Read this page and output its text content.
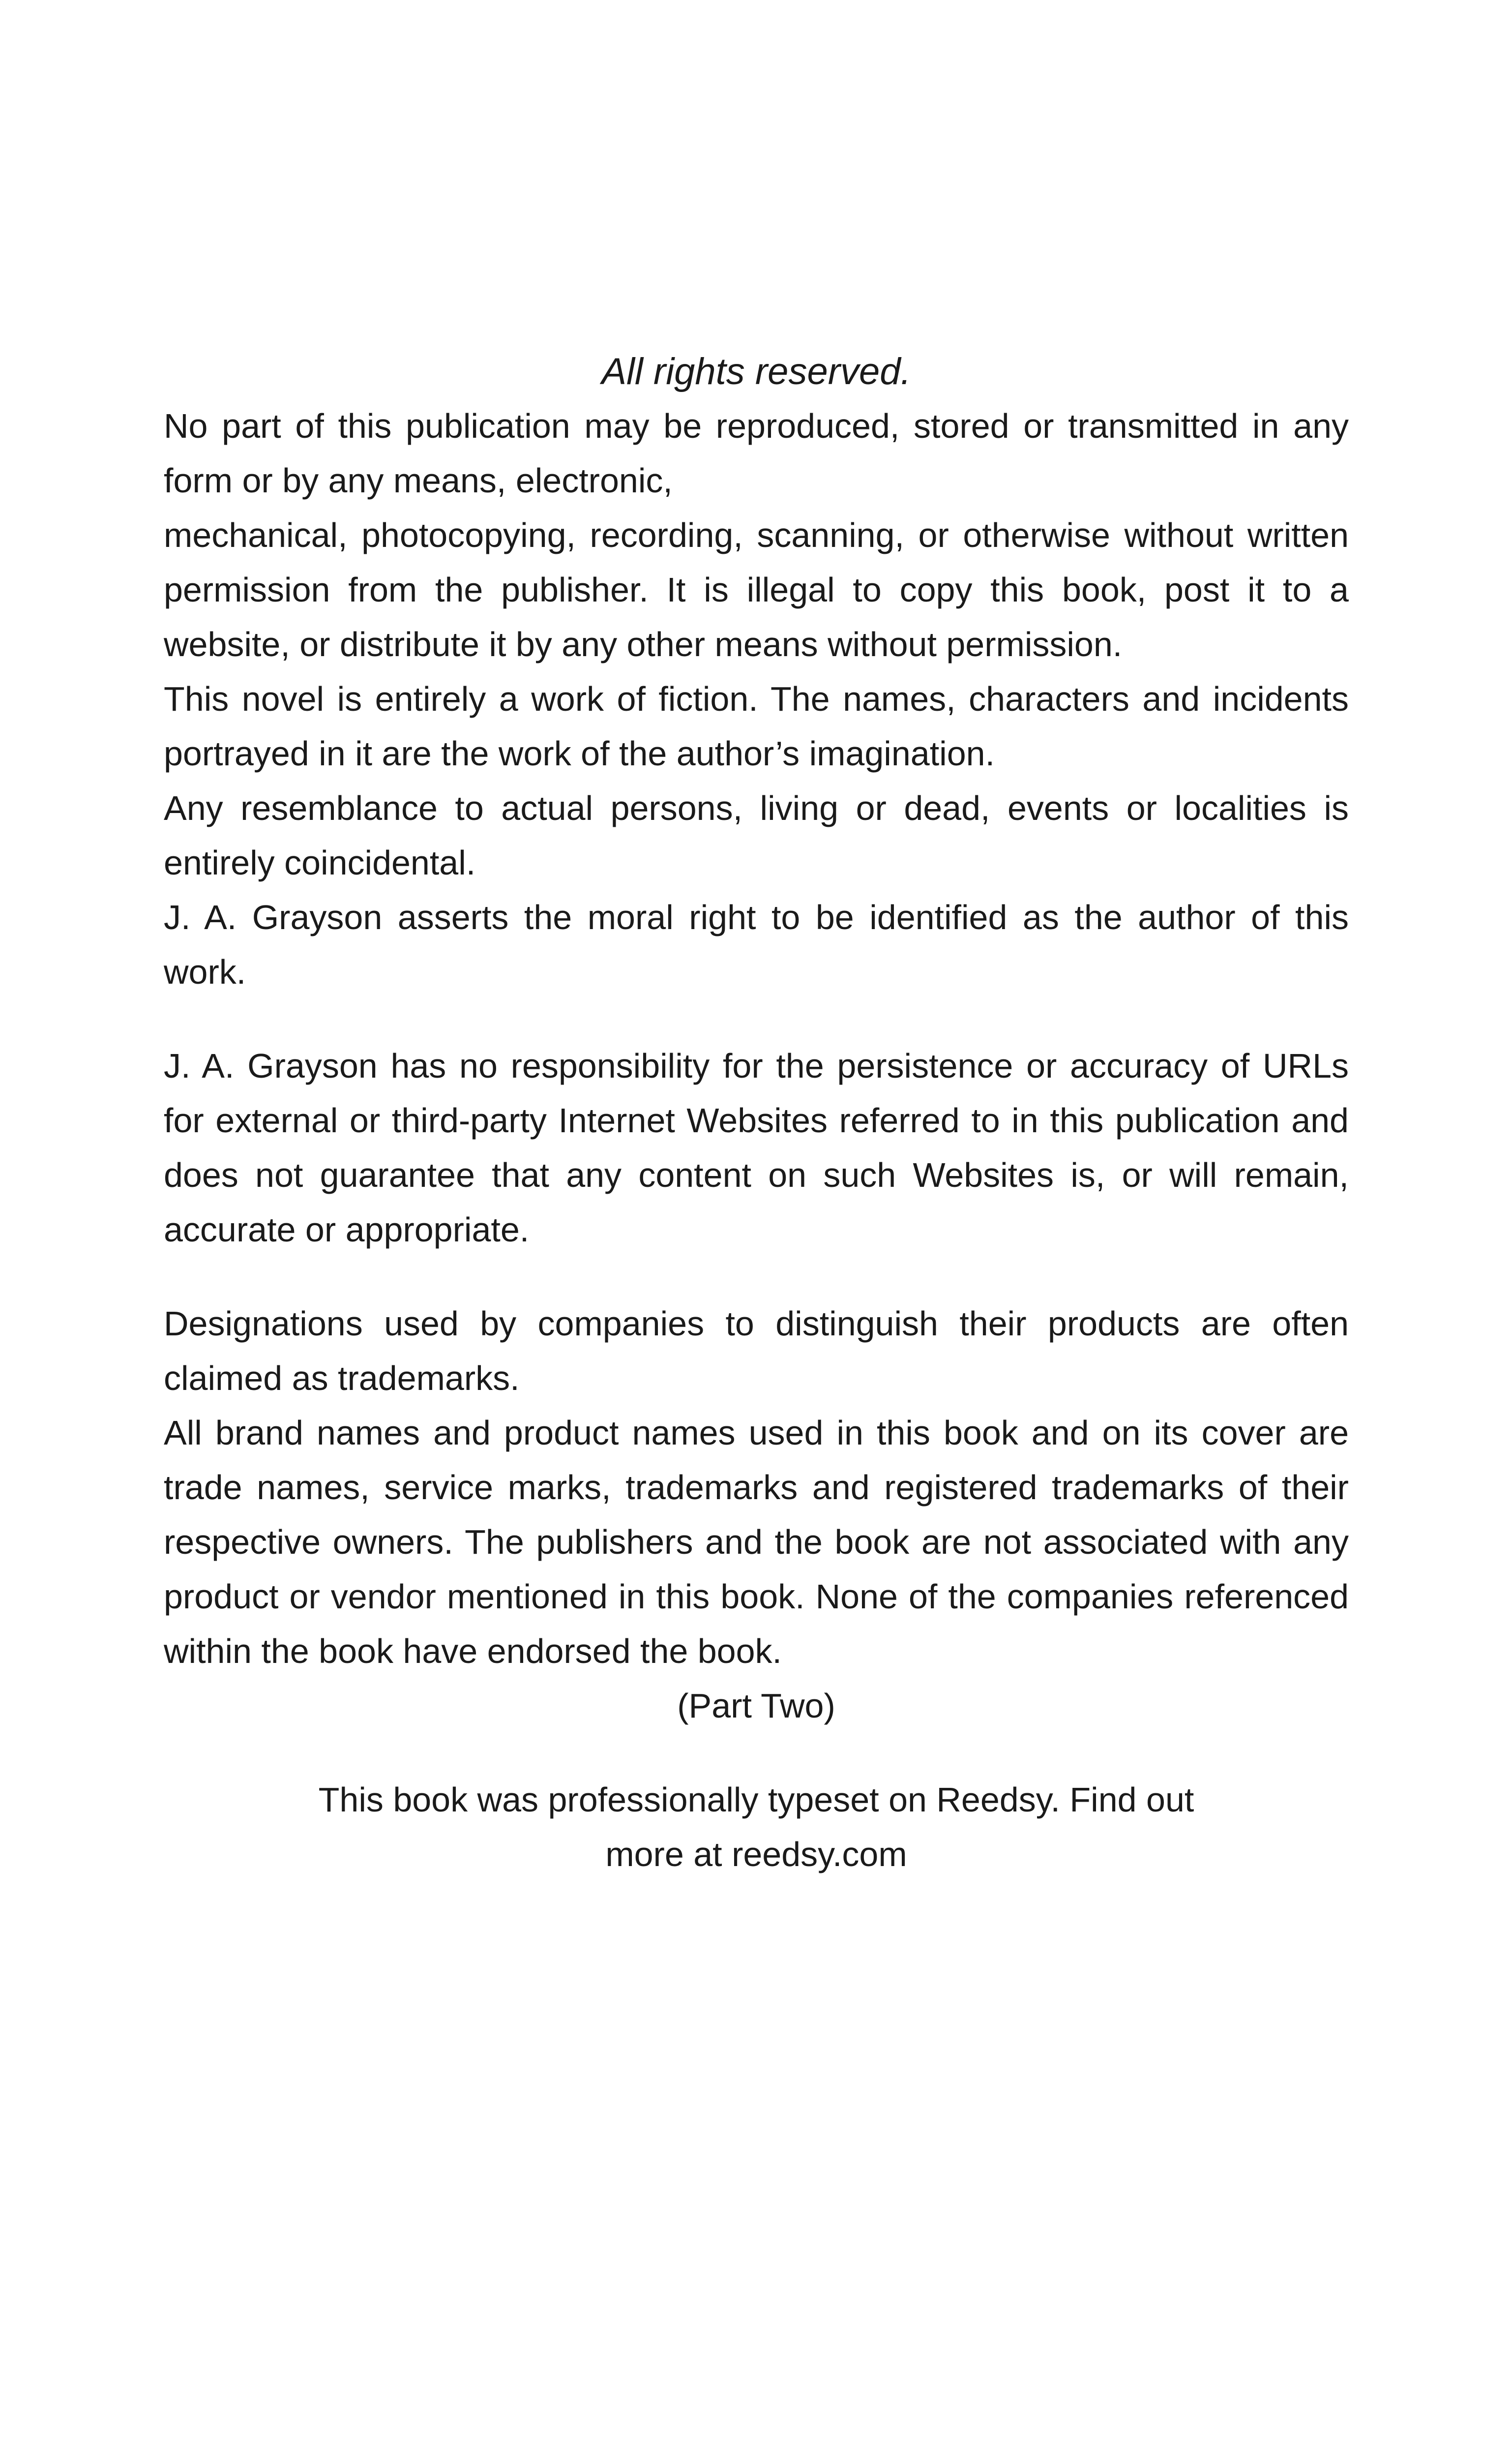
All rights reserved.

No part of this publication may be reproduced, stored or transmitted in any form or by any means, electronic,

mechanical, photocopying, recording, scanning, or otherwise without written permission from the publisher. It is illegal to copy this book, post it to a website, or distribute it by any other means without permission.

This novel is entirely a work of fiction. The names, characters and incidents portrayed in it are the work of the author’s imagination.

Any resemblance to actual persons, living or dead, events or localities is entirely coincidental.

J. A. Grayson asserts the moral right to be identified as the author of this work.

J. A. Grayson has no responsibility for the persistence or accuracy of URLs for external or third-party Internet Websites referred to in this publication and does not guarantee that any content on such Websites is, or will remain, accurate or appropriate.

Designations used by companies to distinguish their products are often claimed as trademarks.

All brand names and product names used in this book and on its cover are trade names, service marks, trademarks and registered trademarks of their respective owners. The publishers and the book are not associated with any product or vendor mentioned in this book. None of the companies referenced within the book have endorsed the book.

(Part Two)

This book was professionally typeset on Reedsy. Find out more at reedsy.com
